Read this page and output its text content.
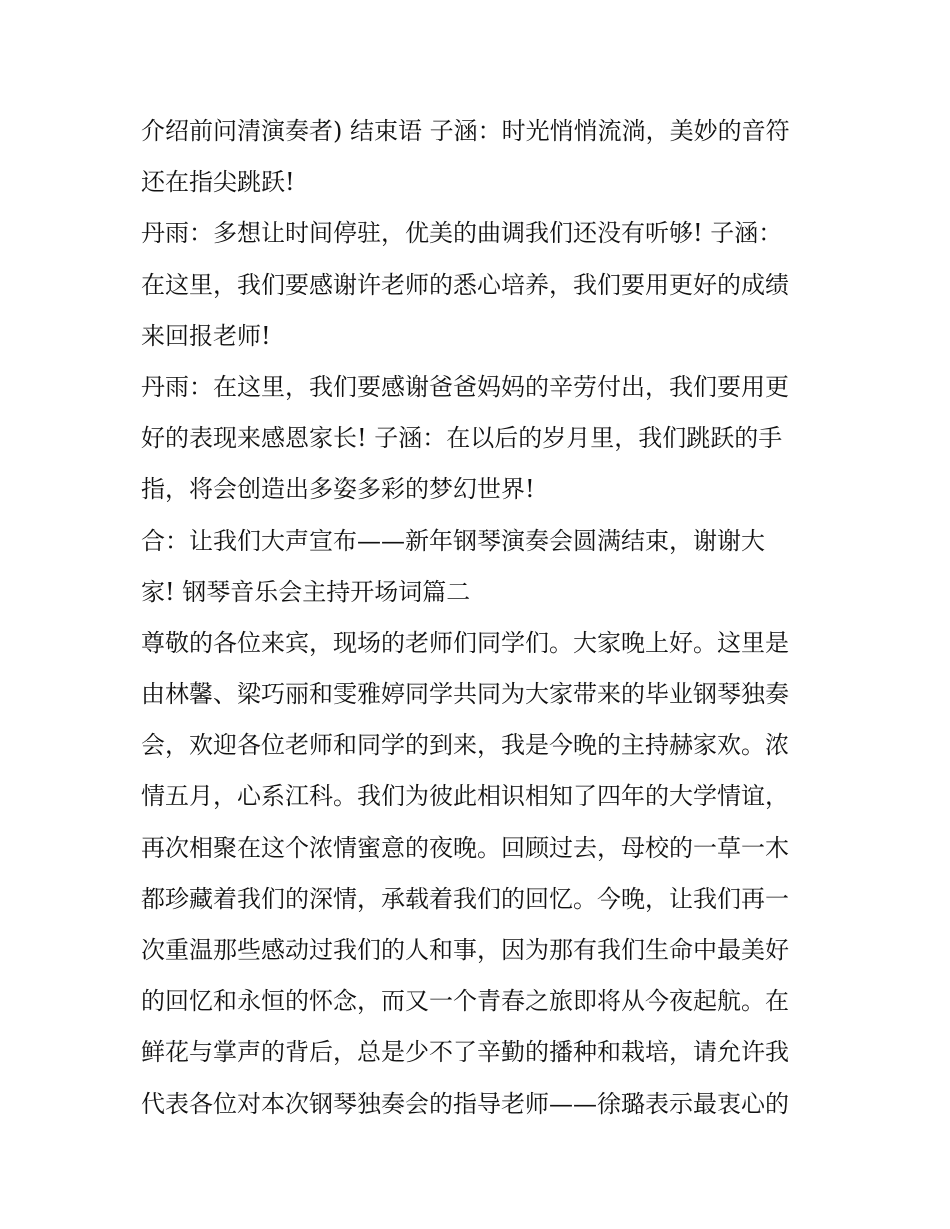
介绍前问清演奏者) 结束语 子涵：时光悄悄流淌，美妙的音符
还在指尖跳跃!
丹雨：多想让时间停驻，优美的曲调我们还没有听够! 子涵：
在这里，我们要感谢许老师的悉心培养，我们要用更好的成绩
来回报老师!
丹雨：在这里，我们要感谢爸爸妈妈的辛劳付出，我们要用更
好的表现来感恩家长! 子涵：在以后的岁月里，我们跳跃的手
指，将会创造出多姿多彩的梦幻世界!
合：让我们大声宣布——新年钢琴演奏会圆满结束，谢谢大
家! 钢琴音乐会主持开场词篇二
尊敬的各位来宾，现场的老师们同学们。大家晚上好。这里是
由林馨、梁巧丽和雯雅婷同学共同为大家带来的毕业钢琴独奏
会，欢迎各位老师和同学的到来，我是今晚的主持赫家欢。浓
情五月，心系江科。我们为彼此相识相知了四年的大学情谊，
再次相聚在这个浓情蜜意的夜晚。回顾过去，母校的一草一木
都珍藏着我们的深情，承载着我们的回忆。今晚，让我们再一
次重温那些感动过我们的人和事，因为那有我们生命中最美好
的回忆和永恒的怀念，而又一个青春之旅即将从今夜起航。在
鲜花与掌声的背后，总是少不了辛勤的播种和栽培，请允许我
代表各位对本次钢琴独奏会的指导老师——徐璐表示最衷心的
